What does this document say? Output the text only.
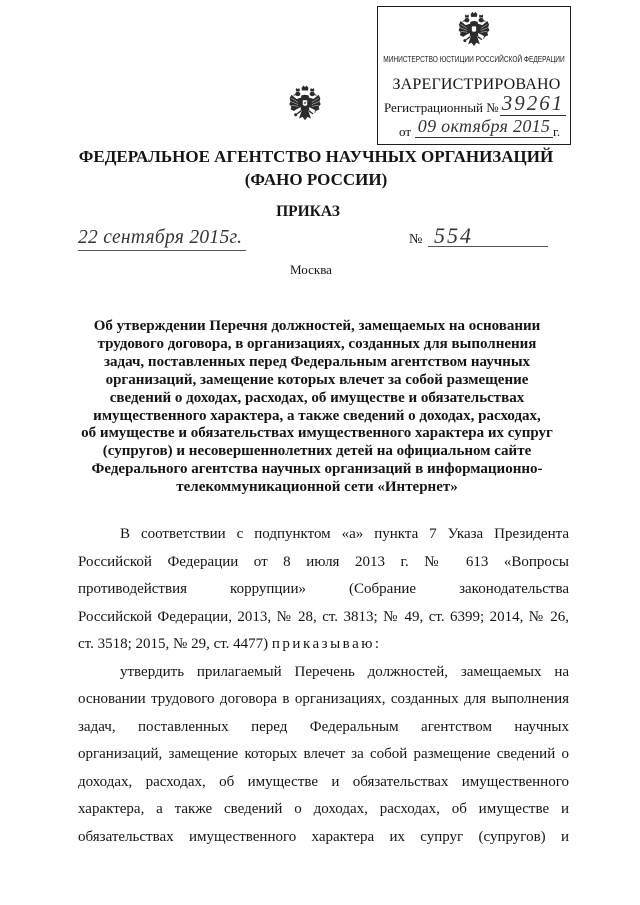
МИНИСТЕРСТВО ЮСТИЦИИ РОССИЙСКОЙ ФЕДЕРАЦИИ
ЗАРЕГИСТРИРОВАНО
Регистрационный № 39261
от 09 октября 2015 г.
ФЕДЕРАЛЬНОЕ АГЕНТСТВО НАУЧНЫХ ОРГАНИЗАЦИЙ
(ФАНО РОССИИ)
ПРИКАЗ
22 сентября 2015г.	№ 554
Москва
Об утверждении Перечня должностей, замещаемых на основании
трудового договора, в организациях, созданных для выполнения
задач, поставленных перед Федеральным агентством научных
организаций, замещение которых влечет за собой размещение
сведений о доходах, расходах, об имуществе и обязательствах
имущественного характера, а также сведений о доходах, расходах,
об имуществе и обязательствах имущественного характера их супруг
(супругов) и несовершеннолетних детей на официальном сайте
Федерального агентства научных организаций в информационно-
телекоммуникационной сети «Интернет»
В соответствии с подпунктом «а» пункта 7 Указа Президента
Российской Федерации от 8 июля 2013 г. № 613 «Вопросы
противодействия коррупции» (Собрание законодательства
Российской Федерации, 2013, № 28, ст. 3813; № 49, ст. 6399; 2014, № 26,
ст. 3518; 2015, № 29, ст. 4477) приказываю:
утвердить прилагаемый Перечень должностей, замещаемых на
основании трудового договора в организациях, созданных для выполнения
задач, поставленных перед Федеральным агентством научных
организаций, замещение которых влечет за собой размещение сведений о
доходах, расходах, об имуществе и обязательствах имущественного
характера, а также сведений о доходах, расходах, об имуществе и
обязательствах имущественного характера их супруг (супругов) и
